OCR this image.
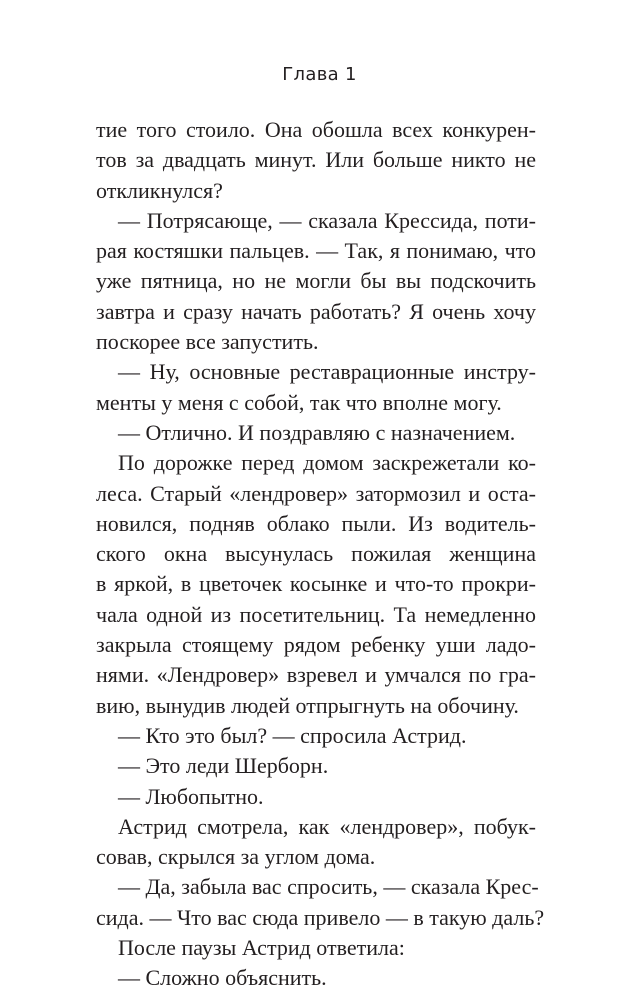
Глава 1
тие того стоило. Она обошла всех конкурен-
тов за двадцать минут. Или больше никто не
откликнулся?
— Потрясающе, — сказала Крессида, поти-
рая костяшки пальцев. — Так, я понимаю, что
уже пятница, но не могли бы вы подскочить
завтра и сразу начать работать? Я очень хочу
поскорее все запустить.
— Ну, основные реставрационные инстру-
менты у меня с собой, так что вполне могу.
— Отлично. И поздравляю с назначением.
По дорожке перед домом заскрежетали ко-
леса. Старый «лендровер» затормозил и оста-
новился, подняв облако пыли. Из водитель-
ского окна высунулась пожилая женщина
в яркой, в цветочек косынке и что-то прокри-
чала одной из посетительниц. Та немедленно
закрыла стоящему рядом ребенку уши ладо-
нями. «Лендровер» взревел и умчался по гра-
вию, вынудив людей отпрыгнуть на обочину.
— Кто это был? — спросила Астрид.
— Это леди Шерборн.
— Любопытно.
Астрид смотрела, как «лендровер», побук-
совав, скрылся за углом дома.
— Да, забыла вас спросить, — сказала Крес-
сида. — Что вас сюда привело — в такую даль?
После паузы Астрид ответила:
— Сложно объяснить.
